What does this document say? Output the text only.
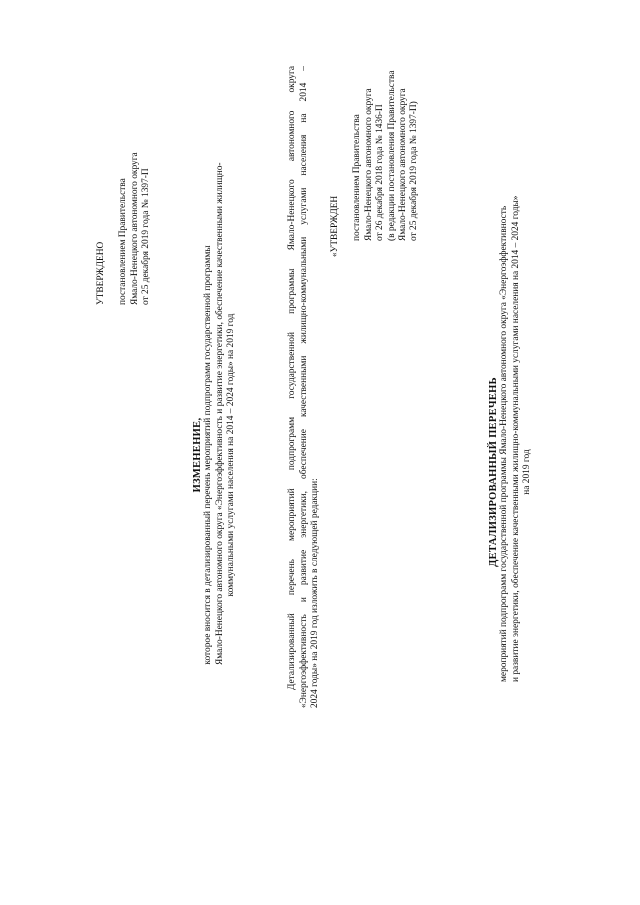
УТВЕРЖДЕНО постановлением Правительства Ямало-Ненецкого автономного округа от 25 декабря 2019 года № 1397-П
ИЗМЕНЕНИЕ, которое вносится в детализированный перечень мероприятий подпрограмм государственной программы Ямало-Ненецкого автономного округа «Энергоэффективность и развитие энергетики, обеспечение качественными жилищно- коммунальными услугами населения на 2014 – 2024 годы» на 2019 год	Детализированный перечень мероприятий подпрограмм государственной программы Ямало-Ненецкого автономного округа «Энергоэффективность и развитие энергетики, обеспечение качественными жилищно-коммунальными услугами населения на 2014 – 2024 годы» на 2019 год изложить в следующей редакции:
«УТВЕРЖДЕН постановлением Правительства Ямало-Ненецкого автономного округа от 26 декабря 2018 года № 1436-П (в редакции постановления Правительства Ямало-Ненецкого автономного округа от 25 декабря 2019 года № 1397-П)
ДЕТАЛИЗИРОВАННЫЙ ПЕРЕЧЕНЬ мероприятий подпрограмм государственной программы Ямало-Ненецкого автономного округа «Энергоэффективность и развитие энергетики, обеспечение качественными жилищно-коммунальными услугами населения на 2014 – 2024 годы» на 2019 год
